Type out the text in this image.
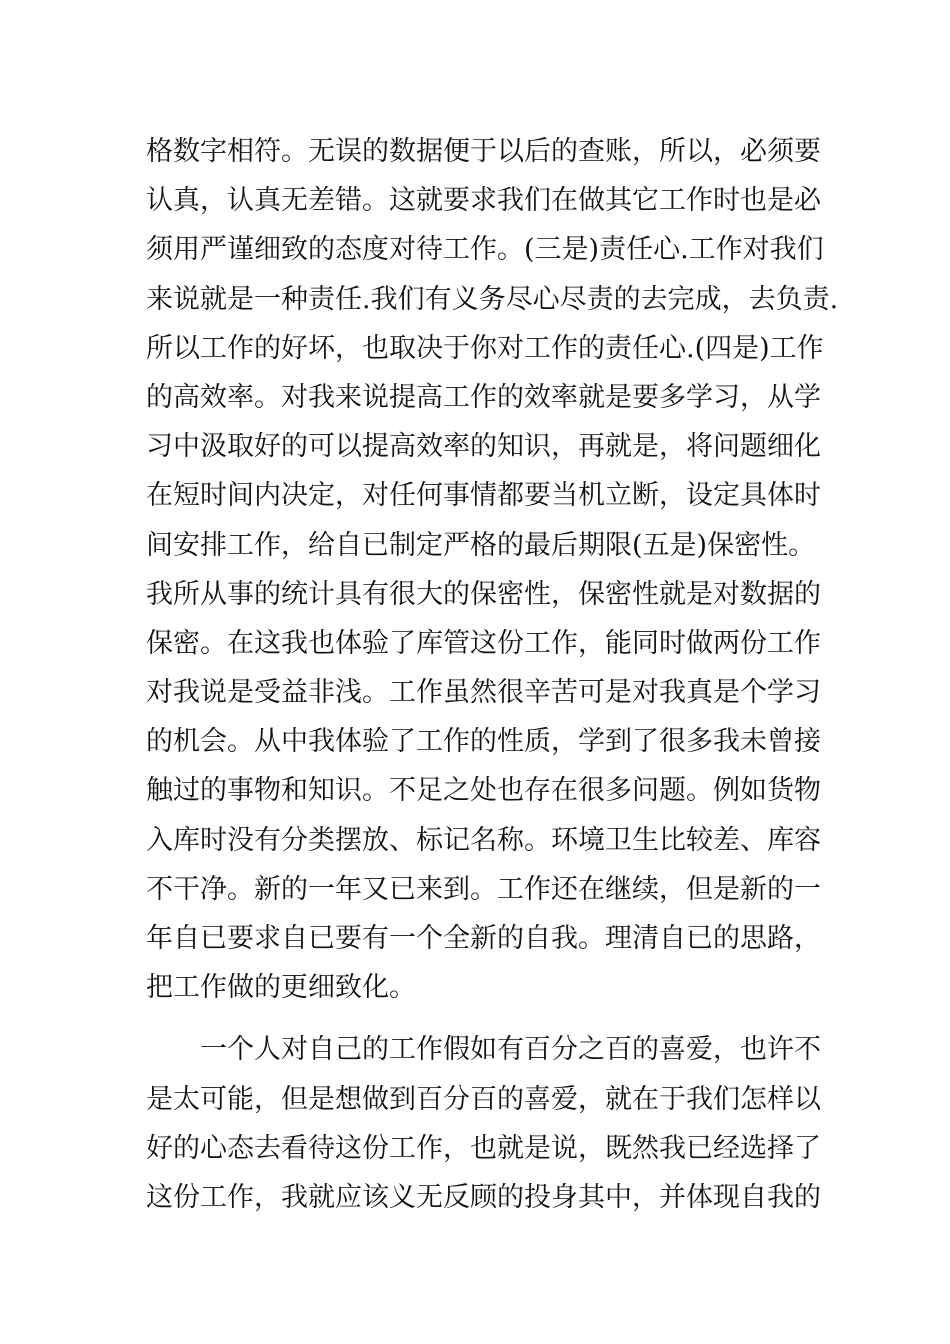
格数字相符。无误的数据便于以后的查账，所以，必须要
认真，认真无差错。这就要求我们在做其它工作时也是必
须用严谨细致的态度对待工作。(三是)责任心.工作对我们
来说就是一种责任.我们有义务尽心尽责的去完成，去负责.
所以工作的好坏，也取决于你对工作的责任心.(四是)工作
的高效率。对我来说提高工作的效率就是要多学习，从学
习中汲取好的可以提高效率的知识，再就是，将问题细化
在短时间内决定，对任何事情都要当机立断，设定具体时
间安排工作，给自已制定严格的最后期限(五是)保密性。
我所从事的统计具有很大的保密性，保密性就是对数据的
保密。在这我也体验了库管这份工作，能同时做两份工作
对我说是受益非浅。工作虽然很辛苦可是对我真是个学习
的机会。从中我体验了工作的性质，学到了很多我未曾接
触过的事物和知识。不足之处也存在很多问题。例如货物
入库时没有分类摆放、标记名称。环境卫生比较差、库容
不干净。新的一年又已来到。工作还在继续，但是新的一
年自已要求自已要有一个全新的自我。理清自已的思路，
把工作做的更细致化。
一个人对自己的工作假如有百分之百的喜爱，也许不
是太可能，但是想做到百分百的喜爱，就在于我们怎样以
好的心态去看待这份工作，也就是说，既然我已经选择了
这份工作，我就应该义无反顾的投身其中，并体现自我的
